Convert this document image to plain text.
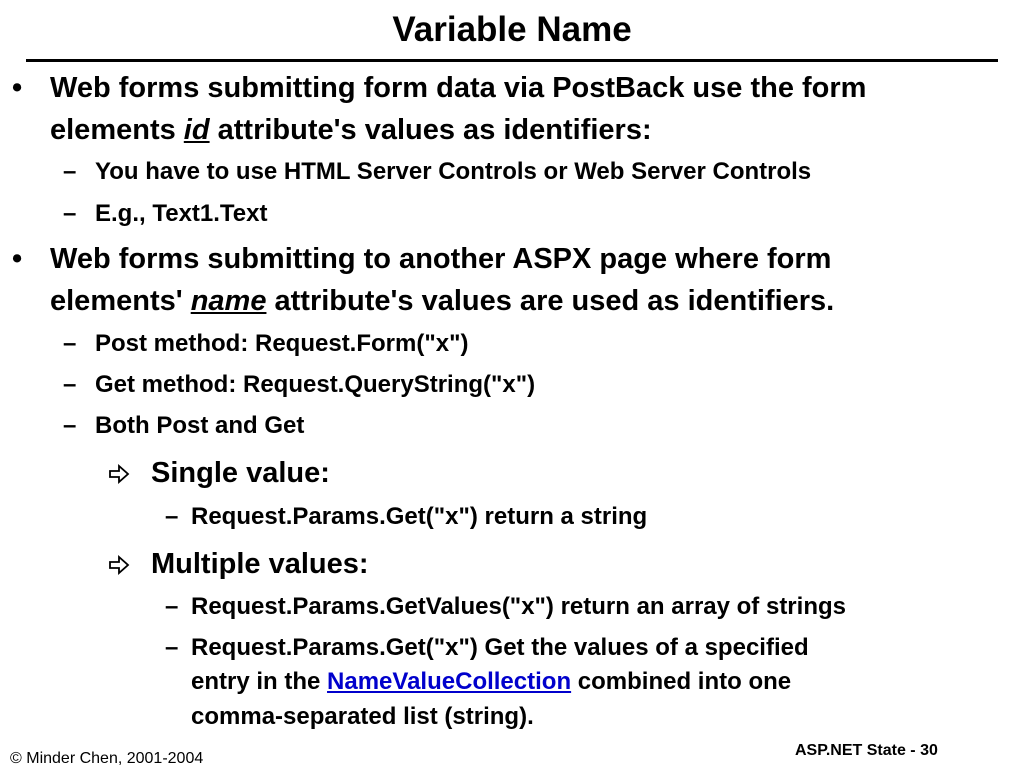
Variable Name
• Web forms submitting form data via PostBack use the form
elements id attribute's values as identifiers:
– You have to use HTML Server Controls or Web Server Controls
– E.g., Text1.Text
• Web forms submitting to another ASPX page where form
elements' name attribute's values are used as identifiers.
– Post method: Request.Form("x")
– Get method: Request.QueryString("x")
– Both Post and Get
Single value:
– Request.Params.Get("x") return a string
Multiple values:
– Request.Params.GetValues("x") return an array of strings
– Request.Params.Get("x") Get the values of a specified
entry in the NameValueCollection combined into one
comma-separated list (string).
© Minder Chen, 2001-2004	ASP.NET State - 30
